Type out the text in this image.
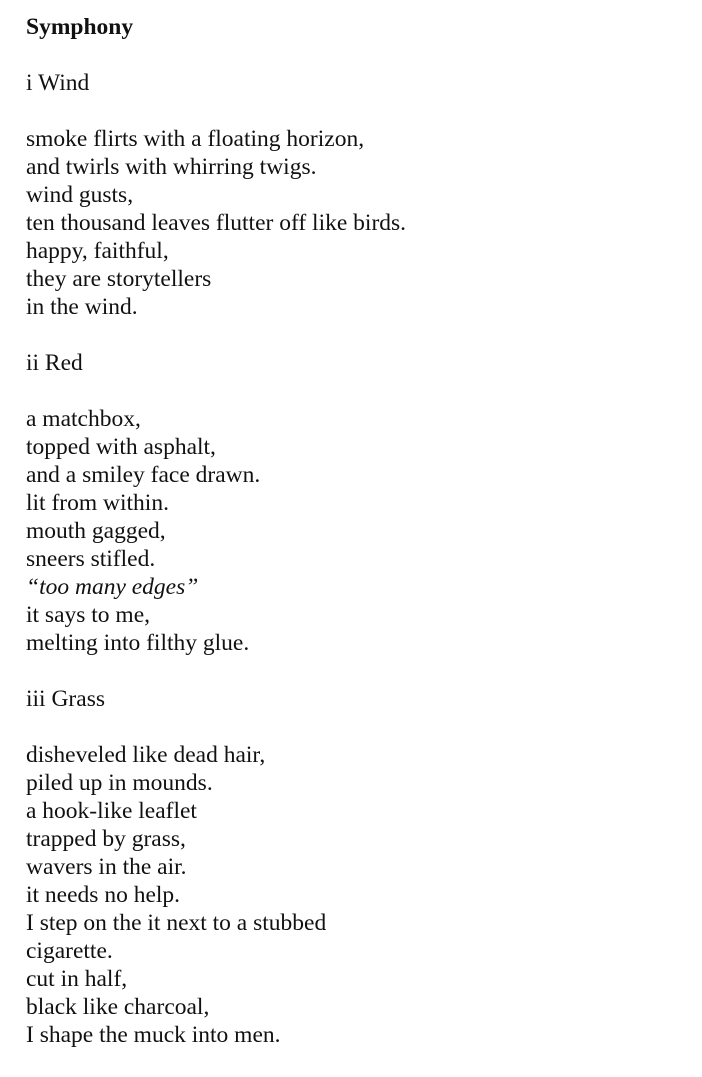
Symphony
i Wind
smoke flirts with a floating horizon,
and twirls with whirring twigs.
wind gusts,
ten thousand leaves flutter off like birds.
happy, faithful,
they are storytellers
in the wind.
ii Red
a matchbox,
topped with asphalt,
and a smiley face drawn.
lit from within.
mouth gagged,
sneers stifled.
“too many edges”
it says to me,
melting into filthy glue.
iii Grass
disheveled like dead hair,
piled up in mounds.
a hook-like leaflet
trapped by grass,
wavers in the air.
it needs no help.
I step on the it next to a stubbed
cigarette.
cut in half,
black like charcoal,
I shape the muck into men.
